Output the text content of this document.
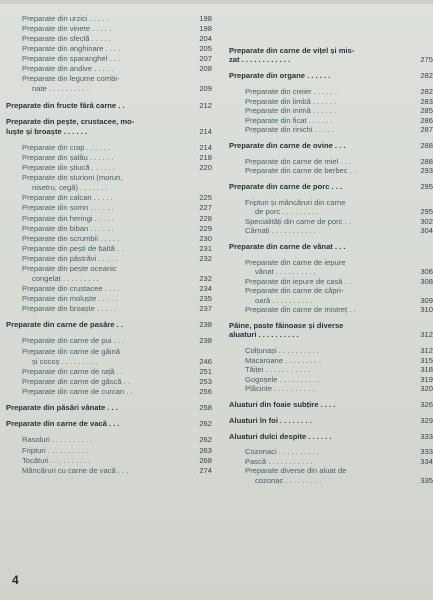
Preparate din urzici . . . . .	198
Preparate din vinete . . . . .	198
Preparate din sfeclă . . . . .	204
Preparate din anghinare . . . .	205
Preparate din sparanghel . . .	207
Preparate din andive . . . . .	208
Preparate din legume combi-
nate . . . . . . . . . .	209
Preparate din fructe fără carne . .	212
Preparate din pește, crustacee, mo-
luște și broaște . . . . . .	214
Preparate din crap . . . . . .	214
Preparate din șalău . . . . . .	218
Preparate din știucă . . . . . .	220
Preparate din sturioni (morun,
nisetru, cegă) . . . . . . .
Preparate din calcan . . . . .	225
Preparate din somn . . . . . .	227
Preparate din heringi . . . . .	228
Preparate din biban . . . . . .	229
Preparate din scrumbii . . . . .	230
Preparate din pești de baltă . .	231
Preparate din păstrăvi . . . . .	232
Preparate din pește oceanic
congelat . . . . . . . . .	232
Preparate din crustacee . . . .	234
Preparate din moluște . . . . .	235
Preparate din broaște . . . . .	237
Preparate din carne de pasăre . .	238
Preparate din carne de pui . . .	238
Preparate din carne de găină
și cocoș . . . . . . . . .	246
Preparate din carne de rață . .	251
Preparate din carne de gâscă . .	253
Preparate din carne de curcan . .	256
Preparate din păsări vânate . . .	258
Preparate din carne de vacă . . .	262
Rasoluri . . . . . . . . . .	262
Fripturi . . . . . . . . . .	263
Tocături . . . . . . . . . .	268
Mâncăruri cu carne de vacă . . .	274
Preparate din carne de vițel și mis-
zat . . . . . . . . . . . .	275
Preparate din organe . . . . . .	282
Preparate din creier . . . . . .	282
Preparate din limbă . . . . . .	283
Preparate din inimă . . . . . .	285
Preparate din ficat . . . . . .	286
Preparate din rinichi . . . . .	287
Preparate din carne de ovine . . .	288
Preparate din carne de miel . . .	288
Preparate din carne de berbec . .	293
Preparate din carne de porc . . .	295
Fripturi și mâncăruri din carne
de porc . . . . . . . . .	295
Specialități din carne de porc . .	302
Cârnați . . . . . . . . . . .	304
Preparate din carne de vânat . . .
Preparate din carne de iepure
vânat . . . . . . . . . .	306
Preparate din iepure de casă . .	308
Preparate din carne de căpri-
oară . . . . . . . . . .	309
Preparate din carne de mistreț . .	310
Pâine, paste făinoase și diverse
aluaturi . . . . . . . . . .	312
Colțunași . . . . . . . . . .	312
Macaroane . . . . . . . . .	315
Tăiței . . . . . . . . . . .	318
Gogoșele . . . . . . . . . .	319
Plăcinte . . . . . . . . . .	320
Aluaturi din foaie subțire . . . .	326
Aluaturi în foi . . . . . . . .	329
Aluaturi dulci despite . . . . . .	333
Cozonaci . . . . . . . . . .	333
Pască . . . . . . . . . . .	334
Preparate diverse din aluat de
cozonac . . . . . . . . .	335
4
